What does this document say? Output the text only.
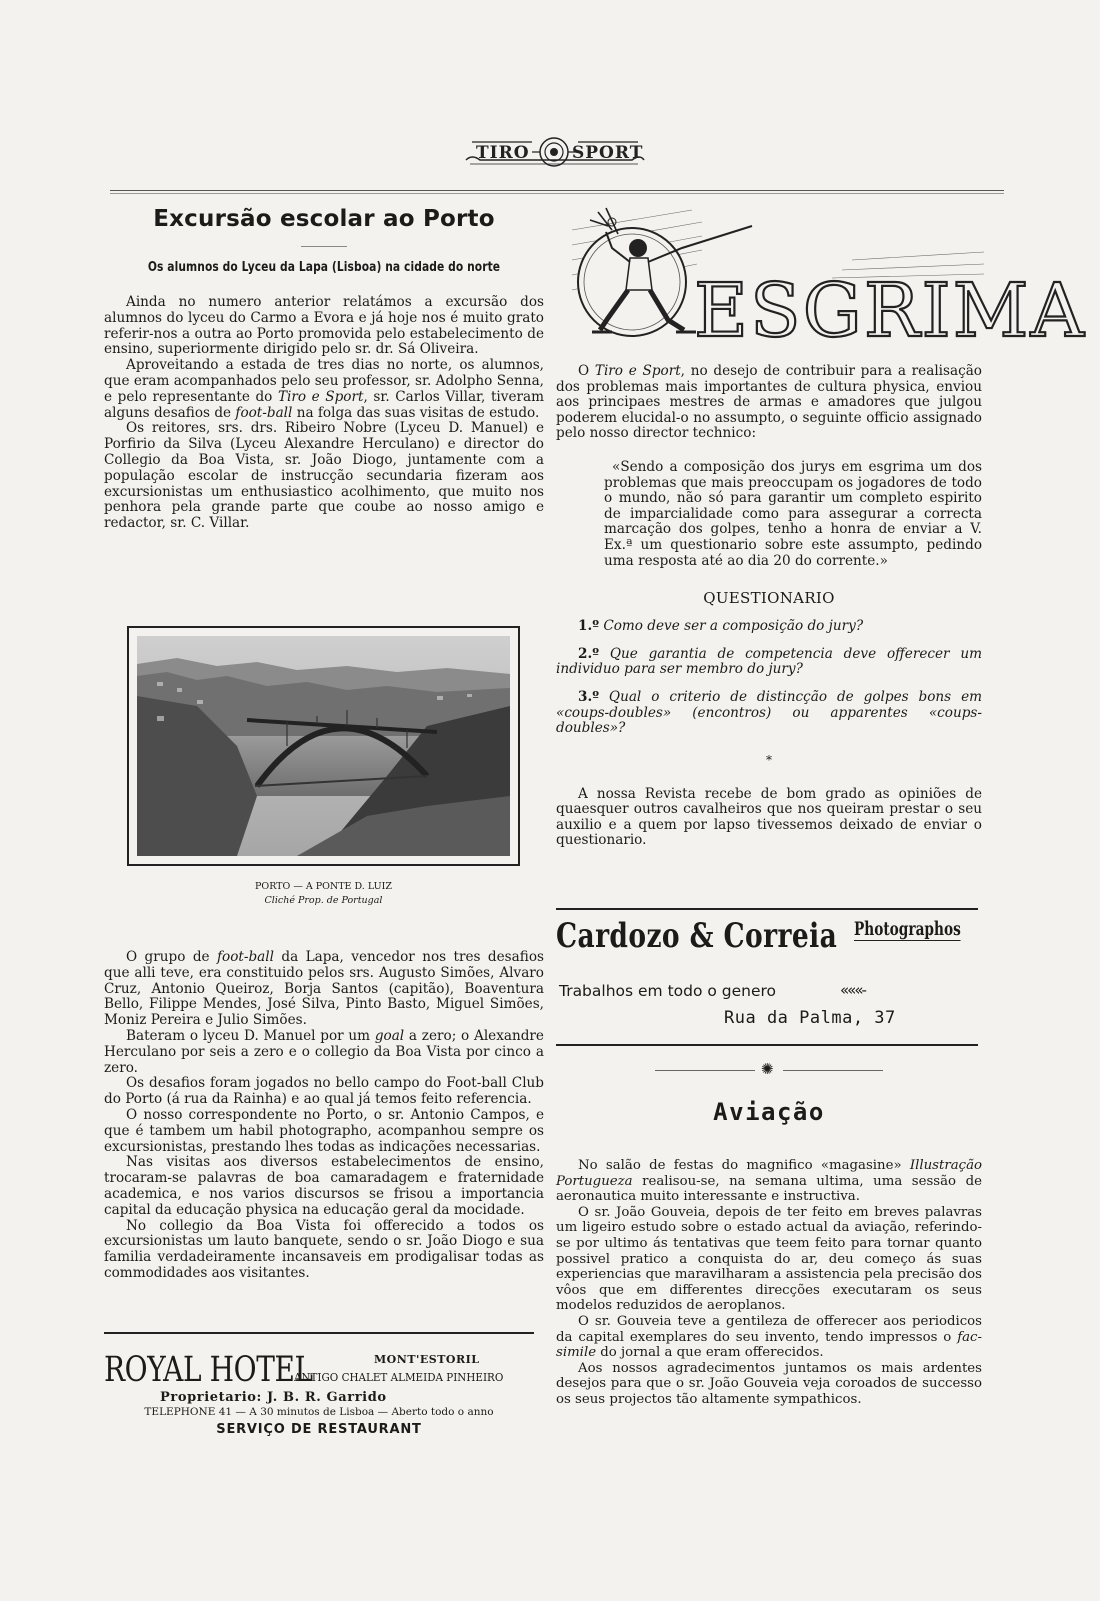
TIRO SPORT
Excursão escolar ao Porto
Os alumnos do Lyceu da Lapa (Lisboa) na cidade do norte

Ainda no numero anterior relatámos a excursão dos alumnos do lyceu do Carmo a Evora e já hoje nos é muito grato referir-nos a outra ao Porto promovida pelo estabelecimento de ensino, superiormente dirigido pelo sr. dr. Sá Oliveira.

Aproveitando a estada de tres dias no norte, os alumnos, que eram acompanhados pelo seu professor, sr. Adolpho Senna, e pelo representante do Tiro e Sport, sr. Carlos Villar, tiveram alguns desafios de foot-ball na folga das suas visitas de estudo.

Os reitores, srs. drs. Ribeiro Nobre (Lyceu D. Manuel) e Porfirio da Silva (Lyceu Alexandre Herculano) e director do Collegio da Boa Vista, sr. João Diogo, juntamente com a população escolar de instrucção secundaria fizeram aos excursionistas um enthusiastico acolhimento, que muito nos penhora pela grande parte que coube ao nosso amigo e redactor, sr. C. Villar.

PORTO — A PONTE D. LUIZ
Cliché Prop. de Portugal

O grupo de foot-ball da Lapa, vencedor nos tres desafios que alli teve, era constituido pelos srs. Augusto Simões, Alvaro Cruz, Antonio Queiroz, Borja Santos (capitão), Boaventura Bello, Filippe Mendes, José Silva, Pinto Basto, Miguel Simões, Moniz Pereira e Julio Simões.

Bateram o lyceu D. Manuel por um goal a zero; o Alexandre Herculano por seis a zero e o collegio da Boa Vista por cinco a zero.

Os desafios foram jogados no bello campo do Foot-ball Club do Porto (á rua da Rainha) e ao qual já temos feito referencia.

O nosso correspondente no Porto, o sr. Antonio Campos, e que é tambem um habil photographo, acompanhou sempre os excursionistas, prestando lhes todas as indicações necessarias.

Nas visitas aos diversos estabelecimentos de ensino, trocaram-se palavras de boa camaradagem e fraternidade academica, e nos varios discursos se frisou a importancia capital da educação physica na educação geral da mocidade.

No collegio da Boa Vista foi offerecido a todos os excursionistas um lauto banquete, sendo o sr. João Diogo e sua familia verdadeiramente incansaveis em prodigalisar todas as commodidades aos visitantes.

ROYAL HOTEL	MONT'ESTORIL
ANTIGO CHALET ALMEIDA PINHEIRO
Proprietario: J. B. R. Garrido
TELEPHONE 41 — A 30 minutos de Lisboa — Aberto todo o anno
SERVIÇO DE RESTAURANT
ESGRIMA

O Tiro e Sport, no desejo de contribuir para a realisação dos problemas mais importantes de cultura physica, enviou aos principaes mestres de armas e amadores que julgou poderem elucidal-o no assumpto, o seguinte officio assignado pelo nosso director technico:

«Sendo a composição dos jurys em esgrima um dos problemas que mais preoccupam os jogadores de todo o mundo, não só para garantir um completo espirito de imparcialidade como para assegurar a correcta marcação dos golpes, tenho a honra de enviar a V. Ex.ª um questionario sobre este assumpto, pedindo uma resposta até ao dia 20 do corrente.»

QUESTIONARIO

1.º Como deve ser a composição do jury?

2.º Que garantia de competencia deve offerecer um individuo para ser membro do jury?

3.º Qual o criterio de distincção de golpes bons em «coups-doubles» (encontros) ou apparentes «coups-doubles»?

*

A nossa Revista recebe de bom grado as opiniões de quaesquer outros cavalheiros que nos queiram prestar o seu auxilio e a quem por lapso tivessemos deixado de enviar o questionario.

Cardozo & Correia Photographos
Trabalhos em todo o genero	«««-
Rua da Palma, 37
✺
Aviação

No salão de festas do magnifico «magasine» Illustração Portugueza realisou-se, na semana ultima, uma sessão de aeronautica muito interessante e instructiva.

O sr. João Gouveia, depois de ter feito em breves palavras um ligeiro estudo sobre o estado actual da aviação, referindo-se por ultimo ás tentativas que teem feito para tornar quanto possivel pratico a conquista do ar, deu começo ás suas experiencias que maravilharam a assistencia pela precisão dos vôos que em differentes direcções executaram os seus modelos reduzidos de aeroplanos.

O sr. Gouveia teve a gentileza de offerecer aos periodicos da capital exemplares do seu invento, tendo impressos o fac-simile do jornal a que eram offerecidos.

Aos nossos agradecimentos juntamos os mais ardentes desejos para que o sr. João Gouveia veja coroados de successo os seus projectos tão altamente sympathicos.
